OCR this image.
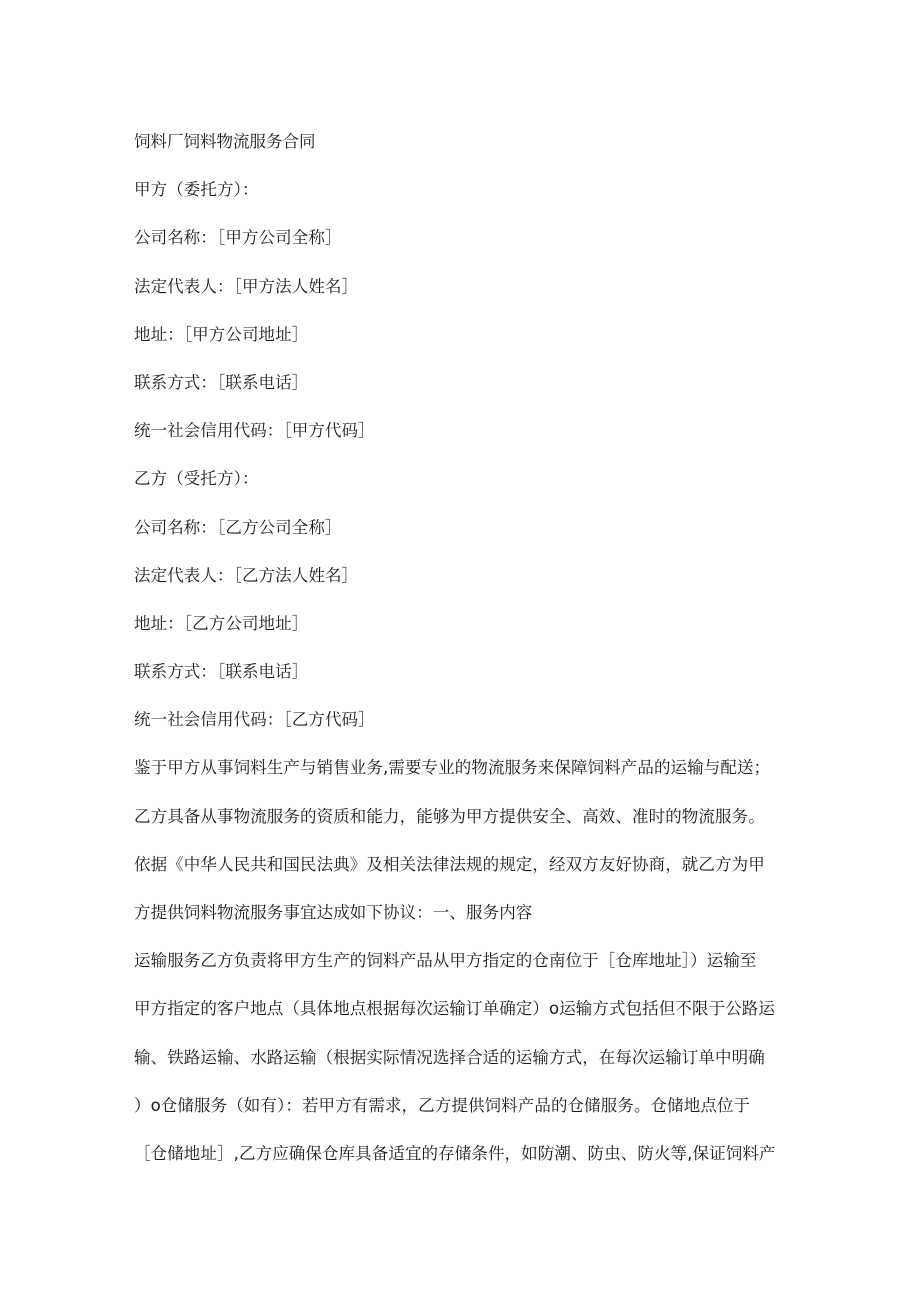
饲料厂饲料物流服务合同
甲方（委托方）：
公司名称：［甲方公司全称］
法定代表人：［甲方法人姓名］
地址：［甲方公司地址］
联系方式：［联系电话］
统一社会信用代码：［甲方代码］
乙方（受托方）：
公司名称：［乙方公司全称］
法定代表人：［乙方法人姓名］
地址：［乙方公司地址］
联系方式：［联系电话］
统一社会信用代码：［乙方代码］
鉴于甲方从事饲料生产与销售业务,需要专业的物流服务来保障饲料产品的运输与配送；
乙方具备从事物流服务的资质和能力，能够为甲方提供安全、高效、准时的物流服务。
依据《中华人民共和国民法典》及相关法律法规的规定，经双方友好协商，就乙方为甲
方提供饲料物流服务事宜达成如下协议：一、服务内容
运输服务乙方负责将甲方生产的饲料产品从甲方指定的仓南位于［仓库地址］）运输至
甲方指定的客户地点（具体地点根据每次运输订单确定）o运输方式包括但不限于公路运
输、铁路运输、水路运输（根据实际情况选择合适的运输方式，在每次运输订单中明确
）o仓储服务（如有）：若甲方有需求，乙方提供饲料产品的仓储服务。仓储地点位于
［仓储地址］,乙方应确保仓库具备适宜的存储条件，如防潮、防虫、防火等,保证饲料产
